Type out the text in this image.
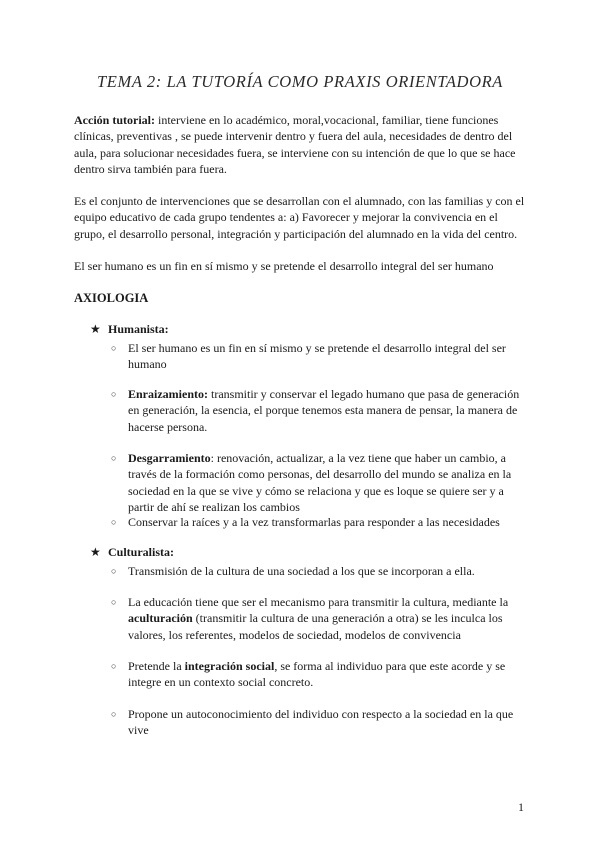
TEMA 2: LA TUTORÍA COMO PRAXIS ORIENTADORA
Acción tutorial: interviene en lo académico, moral,vocacional, familiar, tiene funciones clínicas, preventivas , se puede intervenir dentro y fuera del aula, necesidades de dentro del aula, para solucionar necesidades fuera, se interviene con su intención de que lo que se hace dentro sirva también para fuera.
Es el conjunto de intervenciones que se desarrollan con el alumnado, con las familias y con el equipo educativo de cada grupo tendentes a: a) Favorecer y mejorar la convivencia en el grupo, el desarrollo personal, integración y participación del alumnado en la vida del centro.
El ser humano es un fin en sí mismo y se pretende el desarrollo integral del ser humano
AXIOLOGIA
★ Humanista:
○ El ser humano es un fin en sí mismo y se pretende el desarrollo integral del ser humano
○ Enraizamiento: transmitir y conservar el legado humano que pasa de generación en generación, la esencia, el porque tenemos esta manera de pensar, la manera de hacerse persona.
○ Desgarramiento: renovación, actualizar, a la vez tiene que haber un cambio, a través de la formación como personas, del desarrollo del mundo se analiza en la sociedad en la que se vive y cómo se relaciona y que es loque se quiere ser y a partir de ahí se realizan los cambios
○ Conservar la raíces y a la vez transformarlas para responder a las necesidades
★ Culturalista:
○ Transmisión de la cultura de una sociedad a los que se incorporan a ella.
○ La educación tiene que ser el mecanismo para transmitir la cultura, mediante la aculturación (transmitir la cultura de una generación a otra) se les inculca los valores, los referentes, modelos de sociedad, modelos de convivencia
○ Pretende la integración social, se forma al individuo para que este acorde y se integre en un contexto social concreto.
○ Propone un autoconocimiento del individuo con respecto a la sociedad en la que vive
1
